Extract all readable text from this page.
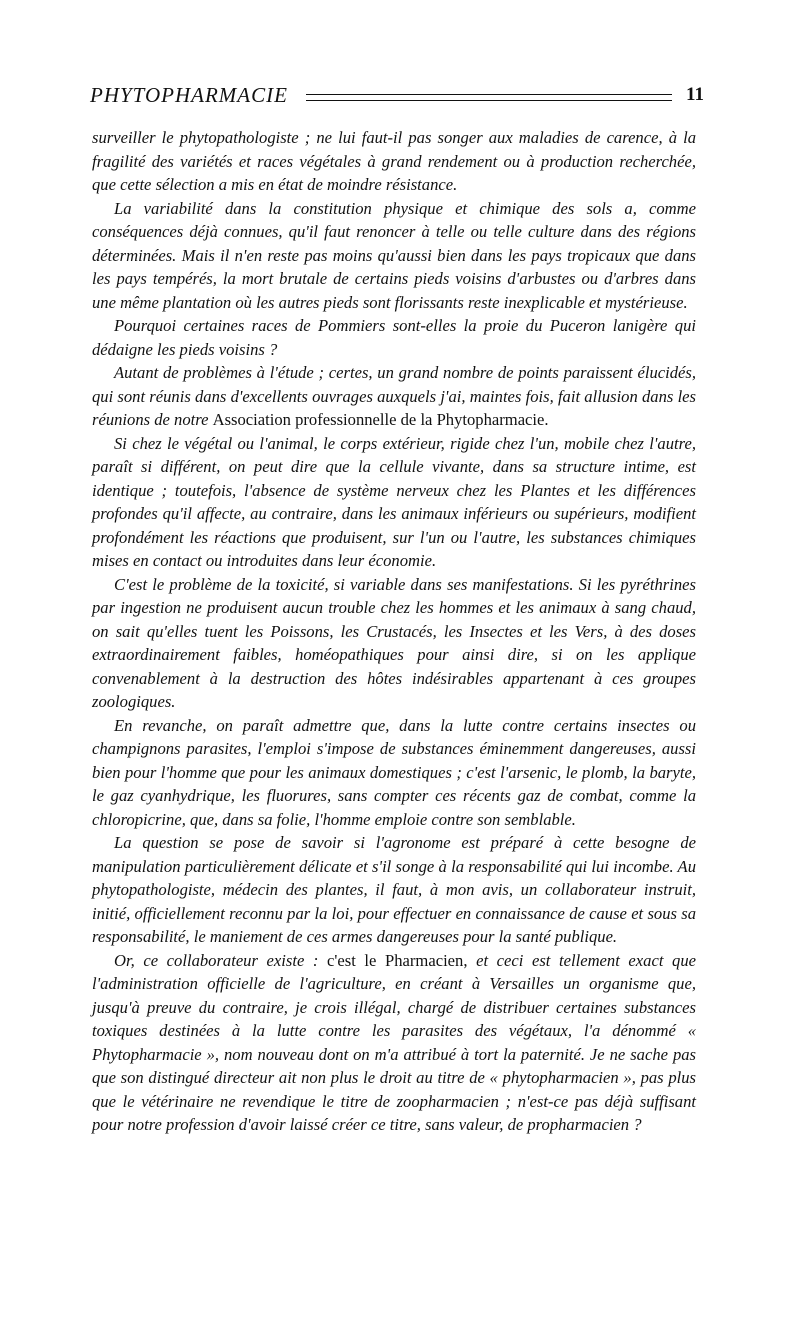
PHYTOPHARMACIE	11

surveiller le phytopathologiste ; ne lui faut-il pas songer aux maladies de carence, à la fragilité des variétés et races végétales à grand rendement ou à production recherchée, que cette sélection a mis en état de moindre résistance.

La variabilité dans la constitution physique et chimique des sols a, comme conséquences déjà connues, qu'il faut renoncer à telle ou telle culture dans des régions déterminées. Mais il n'en reste pas moins qu'aussi bien dans les pays tropicaux que dans les pays tempérés, la mort brutale de certains pieds voisins d'arbustes ou d'arbres dans une même plantation où les autres pieds sont florissants reste inexplicable et mystérieuse.

Pourquoi certaines races de Pommiers sont-elles la proie du Puceron lanigère qui dédaigne les pieds voisins ?

Autant de problèmes à l'étude ; certes, un grand nombre de points paraissent élucidés, qui sont réunis dans d'excellents ouvrages auxquels j'ai, maintes fois, fait allusion dans les réunions de notre Association professionnelle de la Phytopharmacie.

Si chez le végétal ou l'animal, le corps extérieur, rigide chez l'un, mobile chez l'autre, paraît si différent, on peut dire que la cellule vivante, dans sa structure intime, est identique ; toutefois, l'absence de système nerveux chez les Plantes et les différences profondes qu'il affecte, au contraire, dans les animaux inférieurs ou supérieurs, modifient profondément les réactions que produisent, sur l'un ou l'autre, les substances chimiques mises en contact ou introduites dans leur économie.

C'est le problème de la toxicité, si variable dans ses manifestations. Si les pyréthrines par ingestion ne produisent aucun trouble chez les hommes et les animaux à sang chaud, on sait qu'elles tuent les Poissons, les Crustacés, les Insectes et les Vers, à des doses extraordinairement faibles, homéopathiques pour ainsi dire, si on les applique convenablement à la destruction des hôtes indésirables appartenant à ces groupes zoologiques.

En revanche, on paraît admettre que, dans la lutte contre certains insectes ou champignons parasites, l'emploi s'impose de substances éminemment dangereuses, aussi bien pour l'homme que pour les animaux domestiques ; c'est l'arsenic, le plomb, la baryte, le gaz cyanhydrique, les fluorures, sans compter ces récents gaz de combat, comme la chloropicrine, que, dans sa folie, l'homme emploie contre son semblable.

La question se pose de savoir si l'agronome est préparé à cette besogne de manipulation particulièrement délicate et s'il songe à la responsabilité qui lui incombe. Au phytopathologiste, médecin des plantes, il faut, à mon avis, un collaborateur instruit, initié, officiellement reconnu par la loi, pour effectuer en connaissance de cause et sous sa responsabilité, le maniement de ces armes dangereuses pour la santé publique.

Or, ce collaborateur existe : c'est le Pharmacien, et ceci est tellement exact que l'administration officielle de l'agriculture, en créant à Versailles un organisme que, jusqu'à preuve du contraire, je crois illégal, chargé de distribuer certaines substances toxiques destinées à la lutte contre les parasites des végétaux, l'a dénommé « Phytopharmacie », nom nouveau dont on m'a attribué à tort la paternité. Je ne sache pas que son distingué directeur ait non plus le droit au titre de « phytopharmacien », pas plus que le vétérinaire ne revendique le titre de zoopharmacien ; n'est-ce pas déjà suffisant pour notre profession d'avoir laissé créer ce titre, sans valeur, de propharmacien ?
